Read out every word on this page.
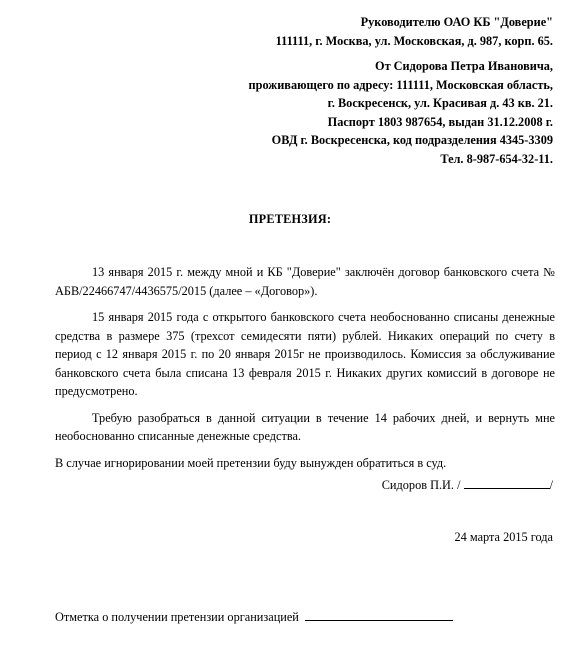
Руководителю ОАО КБ "Доверие"
111111, г. Москва, ул. Московская, д. 987, корп. 65.
От Сидорова Петра Ивановича,
проживающего по адресу: 111111, Московская область,
г. Воскресенск, ул. Красивая д. 43 кв. 21.
Паспорт 1803 987654, выдан 31.12.2008 г.
ОВД г. Воскресенска, код подразделения 4345-3309
Тел. 8-987-654-32-11.
ПРЕТЕНЗИЯ:

13 января 2015 г. между мной и КБ "Доверие" заключён договор банковского счета № АБВ/22466747/4436575/2015 (далее – «Договор»).

15 января 2015 года с открытого банковского счета необоснованно списаны денежные средства в размере 375 (трехсот семидесяти пяти) рублей. Никаких операций по счету в период с 12 января 2015 г. по 20 января 2015г не производилось. Комиссия за обслуживание банковского счета была списана 13 февраля 2015 г. Никаких других комиссий в договоре не предусмотрено.

Требую разобраться в данной ситуации в течение 14 рабочих дней, и вернуть мне необоснованно списанные денежные средства.

В случае игнорировании моей претензии буду вынужден обратиться в суд.

Сидоров П.И. /	/
24 марта 2015 года
Отметка о получении претензии организацией
